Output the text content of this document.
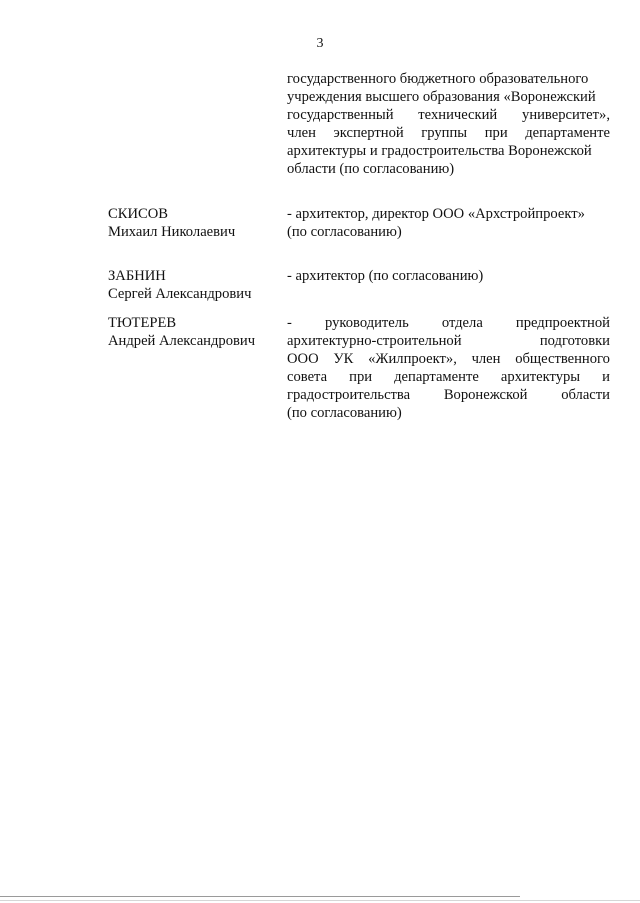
3
государственного бюджетного образовательного
учреждения высшего образования «Воронежский
государственный технический университет»,
член экспертной группы при департаменте
архитектуры и градостроительства Воронежской
области (по согласованию)
СКИСОВ
Михаил Николаевич
- архитектор, директор ООО «Архстройпроект»
(по согласованию)
ЗАБНИН
Сергей Александрович
- архитектор (по согласованию)
ТЮТЕРЕВ
Андрей Александрович
- руководитель отдела предпроектной
архитектурно-строительной	подготовки
ООО УК «Жилпроект», член общественного
совета при департаменте архитектуры и
градостроительства Воронежской области
(по согласованию)
